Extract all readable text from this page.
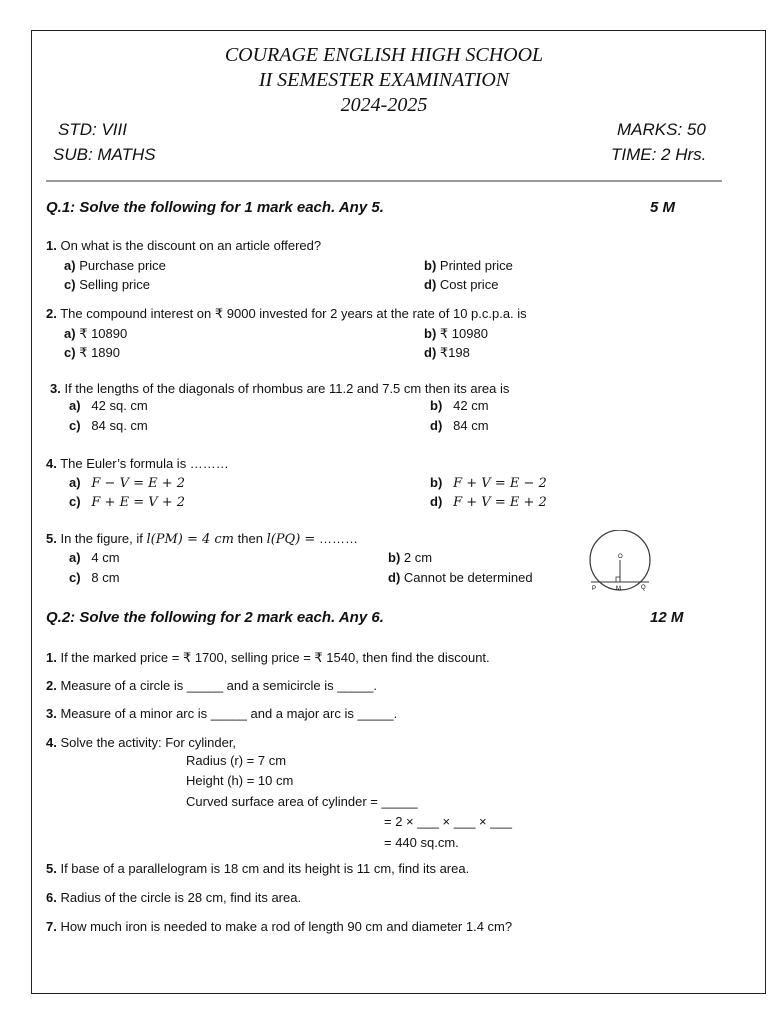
COURAGE ENGLISH HIGH SCHOOL
II SEMESTER EXAMINATION
2024-2025
STD: VIII
SUB: MATHS
MARKS: 50
TIME: 2 Hrs.
Q.1: Solve the following for 1 mark each. Any 5.	5 M
1. On what is the discount on an article offered?
a) Purchase price	b) Printed price
c) Selling price	d) Cost price
2. The compound interest on ₹ 9000 invested for 2 years at the rate of 10 p.c.p.a. is
a) ₹ 10890	b) ₹ 10980
c) ₹ 1890	d) ₹198
3. If the lengths of the diagonals of rhombus are 11.2 and 7.5 cm then its area is
a) 42 sq. cm	b) 42 cm
c) 84 sq. cm	d) 84 cm
4. The Euler’s formula is ………
a) F − V = E + 2	b) F + V = E − 2
c) F + E = V + 2	d) F + V = E + 2
5. In the figure, if l(PM) = 4 cm then l(PQ) = ………
a) 4 cm	b) 2 cm
c) 8 cm	d) Cannot be determined
O
P	M	Q
Q.2: Solve the following for 2 mark each. Any 6.	12 M
1. If the marked price = ₹ 1700, selling price = ₹ 1540, then find the discount.
2. Measure of a circle is _____ and a semicircle is _____.
3. Measure of a minor arc is _____ and a major arc is _____.
4. Solve the activity: For cylinder,
Radius (r) = 7 cm
Height (h) = 10 cm
Curved surface area of cylinder = _____
= 2 × ___ × ___ × ___
= 440 sq.cm.
5. If base of a parallelogram is 18 cm and its height is 11 cm, find its area.
6. Radius of the circle is 28 cm, find its area.
7. How much iron is needed to make a rod of length 90 cm and diameter 1.4 cm?
